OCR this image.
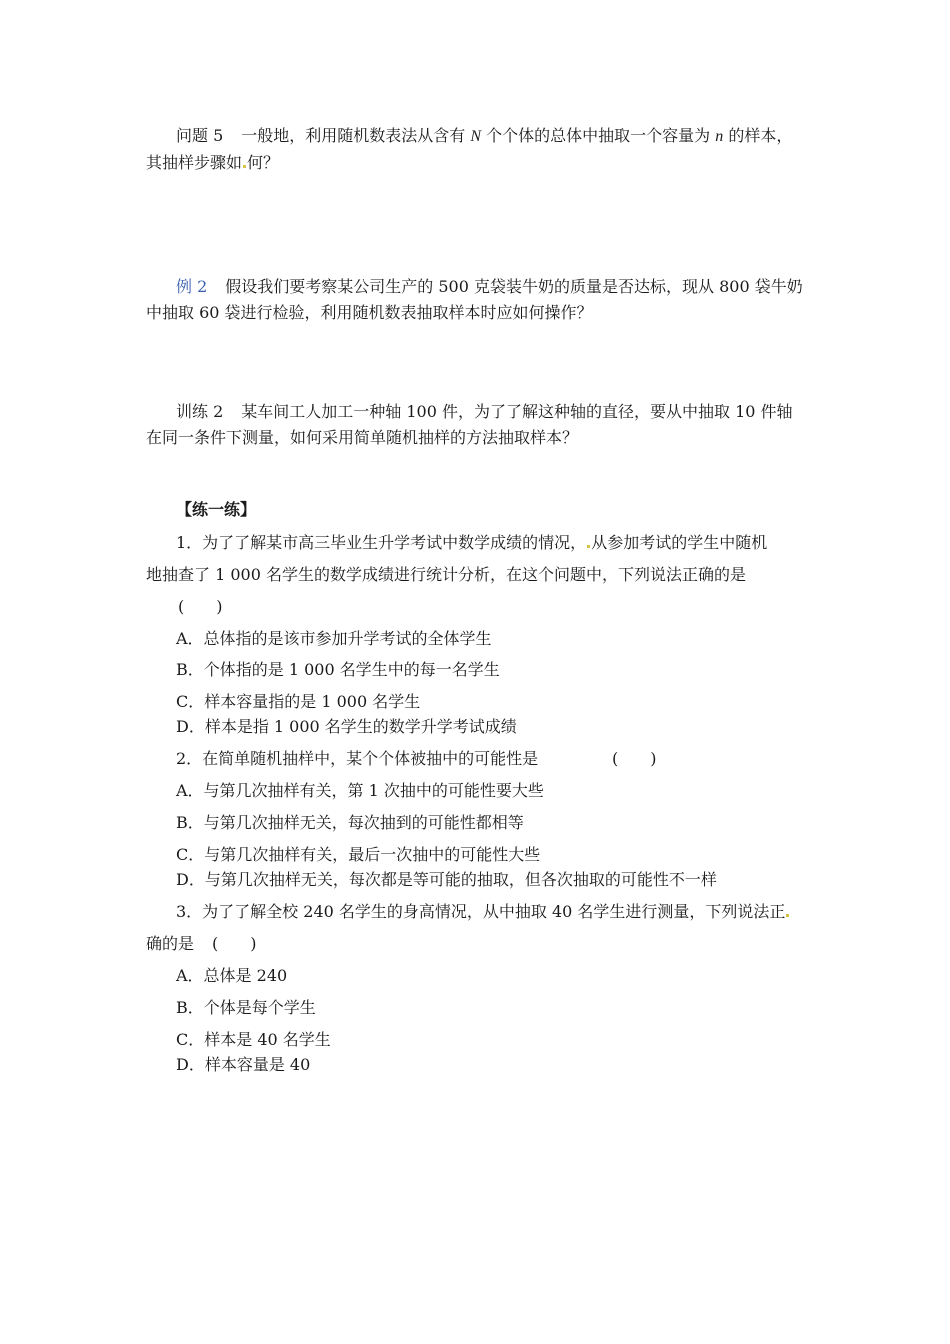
问题 5 一般地，利用随机数表法从含有 N 个个体的总体中抽取一个容量为 n 的样本，
其抽样步骤如 何？
例 2 假设我们要考察某公司生产的 500 克袋装牛奶的质量是否达标，现从 800 袋牛奶
中抽取 60 袋进行检验，利用随机数表抽取样本时应如何操作？
训练 2 某车间工人加工一种轴 100 件，为了了解这种轴的直径，要从中抽取 10 件轴
在同一条件下测量，如何采用简单随机抽样的方法抽取样本？
【练一练】
1．为了了解某市高三毕业生升学考试中数学成绩的情况， 从参加考试的学生中随机
地抽查了 1 000 名学生的数学成绩进行统计分析，在这个问题中，下列说法正确的是
(　　)
A．总体指的是该市参加升学考试的全体学生
B．个体指的是 1 000 名学生中的每一名学生
C．样本容量指的是 1 000 名学生
D．样本是指 1 000 名学生的数学升学考试成绩
2．在简单随机抽样中，某个个体被抽中的可能性是	(　　)
A．与第几次抽样有关，第 1 次抽中的可能性要大些
B．与第几次抽样无关，每次抽到的可能性都相等
C．与第几次抽样有关，最后一次抽中的可能性大些
D．与第几次抽样无关，每次都是等可能的抽取，但各次抽取的可能性不一样
3．为了了解全校 240 名学生的身高情况，从中抽取 40 名学生进行测量，下列说法正
确的是 (　　)
A．总体是 240
B．个体是每个学生
C．样本是 40 名学生
D．样本容量是 40
